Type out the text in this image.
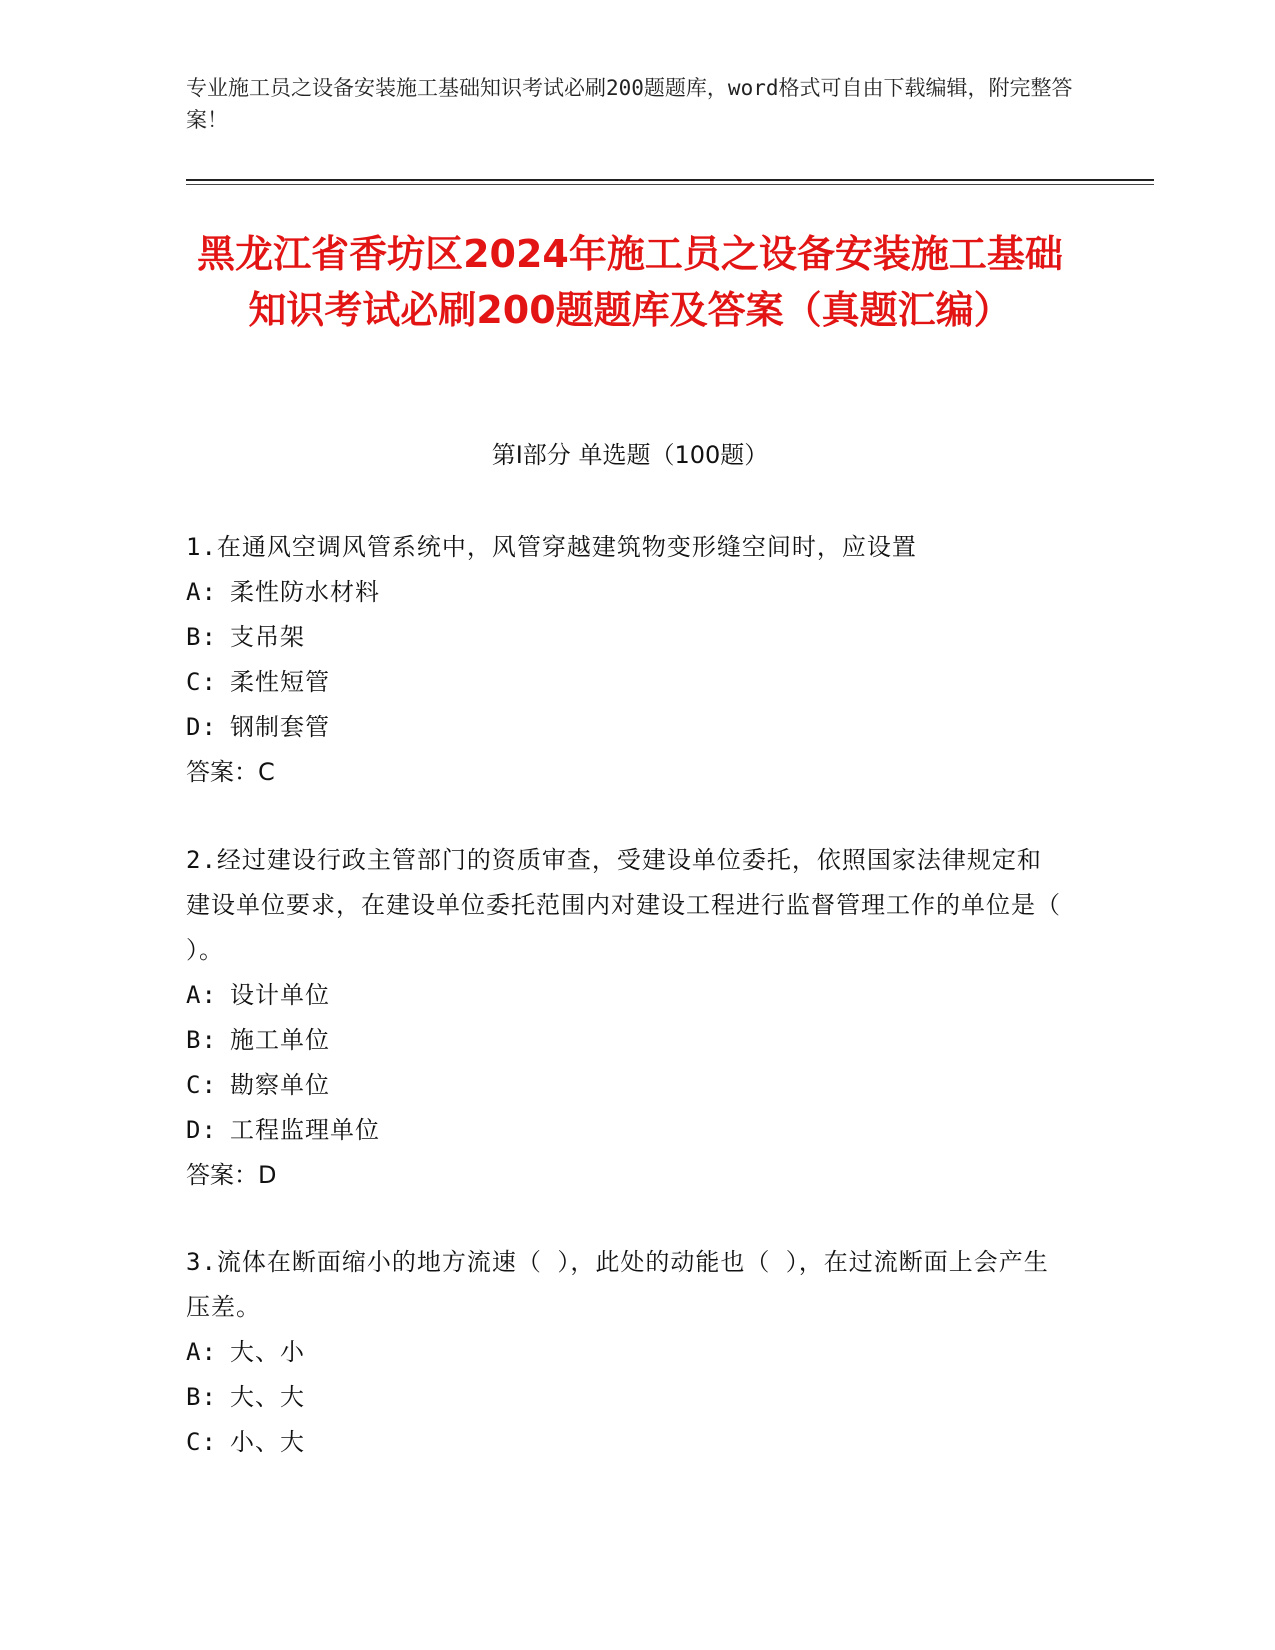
专业施工员之设备安装施工基础知识考试必刷200题题库，word格式可自由下载编辑，附完整答案！
黑龙江省香坊区2024年施工员之设备安装施工基础知识考试必刷200题题库及答案（真题汇编）
第Ⅰ部分 单选题（100题）
1.在通风空调风管系统中，风管穿越建筑物变形缝空间时，应设置
A: 柔性防水材料
B: 支吊架
C: 柔性短管
D: 钢制套管
答案：C
2.经过建设行政主管部门的资质审查，受建设单位委托，依照国家法律规定和建设单位要求，在建设单位委托范围内对建设工程进行监督管理工作的单位是（ ）。
A: 设计单位
B: 施工单位
C: 勘察单位
D: 工程监理单位
答案：D
3.流体在断面缩小的地方流速（ ），此处的动能也（ ），在过流断面上会产生压差。
A: 大、小
B: 大、大
C: 小、大
